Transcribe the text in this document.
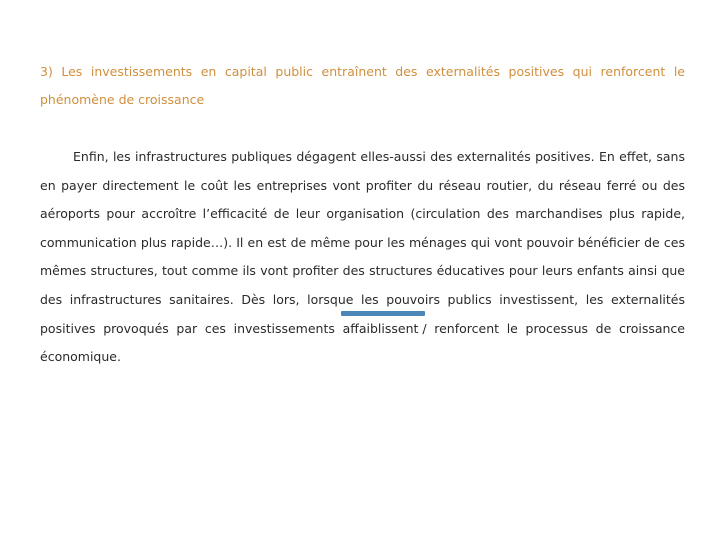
3) Les investissements en capital public entraînent des externalités positives qui renforcent le phénomène de croissance

Enfin, les infrastructures publiques dégagent elles-aussi des externalités positives. En effet, sans en payer directement le coût les entreprises vont profiter du réseau routier, du réseau ferré ou des aéroports pour accroître l’efficacité de leur organisation (circulation des marchandises plus rapide, communication plus rapide…). Il en est de même pour les ménages qui vont pouvoir bénéficier de ces mêmes structures, tout comme ils vont profiter des structures éducatives pour leurs enfants ainsi que des infrastructures sanitaires. Dès lors, lorsque les pouvoirs publics investissent, les externalités positives provoqués par ces investissements
affaiblissent / renforcent le processus de croissance économique.
